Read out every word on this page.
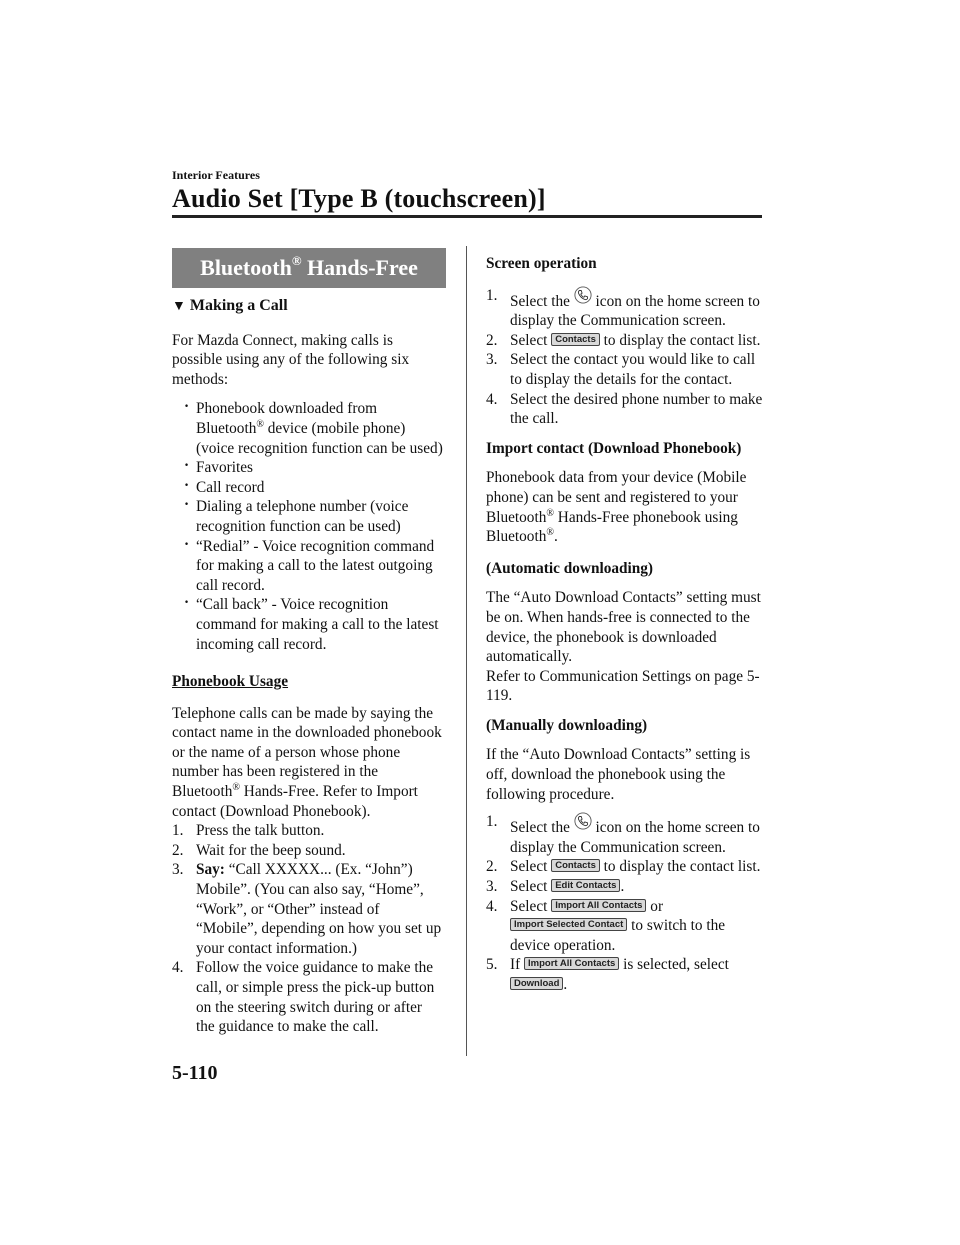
Interior Features
Audio Set [Type B (touchscreen)]
Bluetooth® Hands-Free

▼ Making a Call

For Mazda Connect, making calls is possible using any of the following six methods:

· Phonebook downloaded from Bluetooth® device (mobile phone) (voice recognition function can be used)

· Favorites

· Call record

· Dialing a telephone number (voice recognition function can be used)

· “Redial” - Voice recognition command for making a call to the latest outgoing call record.

· “Call back” - Voice recognition command for making a call to the latest incoming call record.

Phonebook Usage

Telephone calls can be made by saying the contact name in the downloaded phonebook or the name of a person whose phone number has been registered in the Bluetooth® Hands-Free. Refer to Import contact (Download Phonebook).

1. Press the talk button.

2. Wait for the beep sound.

3. Say: “Call XXXXX... (Ex. “John”) Mobile”. (You can also say, “Home”, “Work”, or “Other” instead of “Mobile”, depending on how you set up your contact information.)

4. Follow the voice guidance to make the call, or simple press the pick-up button on the steering switch during or after the guidance to make the call.

Screen operation

1. Select the  icon on the home screen to display the Communication screen.

2. Select Contacts to display the contact list.

3. Select the contact you would like to call to display the details for the contact.

4. Select the desired phone number to make the call.

Import contact (Download Phonebook)

Phonebook data from your device (Mobile phone) can be sent and registered to your Bluetooth® Hands-Free phonebook using Bluetooth®.

(Automatic downloading)

The “Auto Download Contacts” setting must be on. When hands-free is connected to the device, the phonebook is downloaded automatically.

Refer to Communication Settings on page 5-119.

(Manually downloading)

If the “Auto Download Contacts” setting is off, download the phonebook using the following procedure.

1. Select the  icon on the home screen to display the Communication screen.

2. Select Contacts to display the contact list.

3. Select Edit Contacts .

4. Select Import All Contacts or Import Selected Contact to switch to the device operation.

5. If Import All Contacts is selected, select Download .

5-110
